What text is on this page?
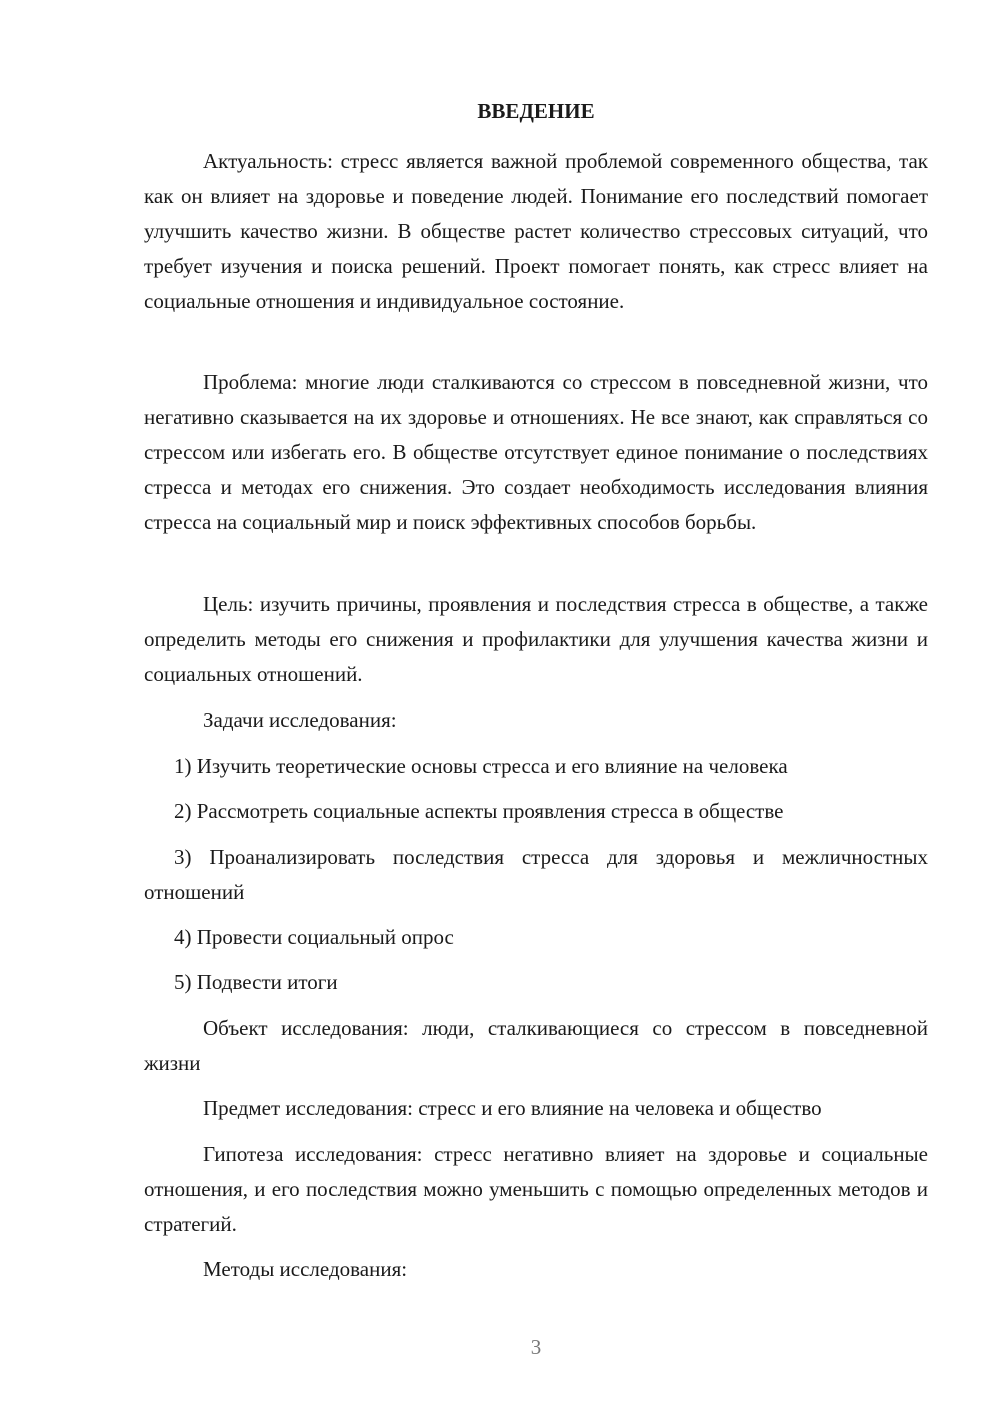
ВВЕДЕНИЕ

Актуальность: стресс является важной проблемой современного общества, так как он влияет на здоровье и поведение людей. Понимание его последствий помогает улучшить качество жизни. В обществе растет количество стрессовых ситуаций, что требует изучения и поиска решений. Проект помогает понять, как стресс влияет на социальные отношения и индивидуальное состояние.

Проблема: многие люди сталкиваются со стрессом в повседневной жизни, что негативно сказывается на их здоровье и отношениях. Не все знают, как справляться со стрессом или избегать его. В обществе отсутствует единое понимание о последствиях стресса и методах его снижения. Это создает необходимость исследования влияния стресса на социальный мир и поиск эффективных способов борьбы.

Цель: изучить причины, проявления и последствия стресса в обществе, а также определить методы его снижения и профилактики для улучшения качества жизни и социальных отношений.

Задачи исследования:

1) Изучить теоретические основы стресса и его влияние на человека

2) Рассмотреть социальные аспекты проявления стресса в обществе

3) Проанализировать последствия стресса для здоровья и межличностных отношений

4) Провести социальный опрос

5) Подвести итоги

Объект исследования: люди, сталкивающиеся со стрессом в повседневной жизни

Предмет исследования: стресс и его влияние на человека и общество

Гипотеза исследования: стресс негативно влияет на здоровье и социальные отношения, и его последствия можно уменьшить с помощью определенных методов и стратегий.

Методы исследования:

3
